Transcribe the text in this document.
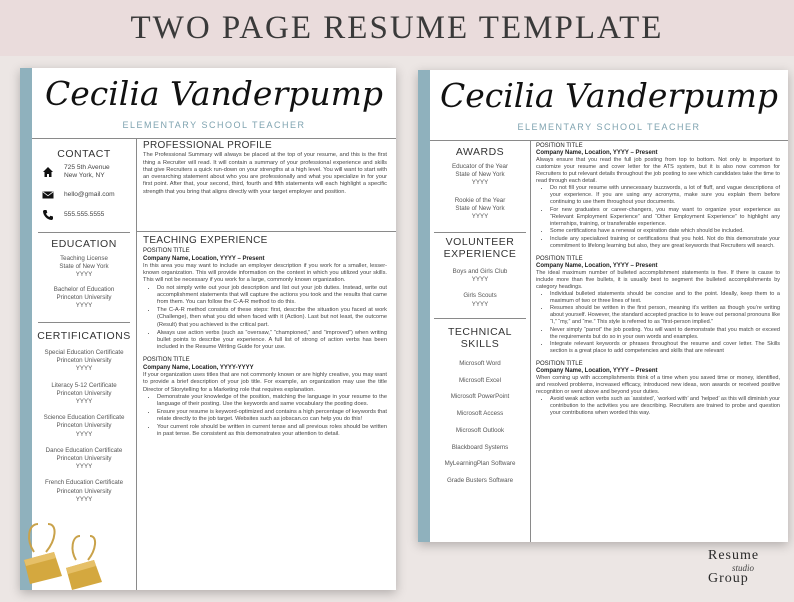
TWO PAGE RESUME TEMPLATE
Cecilia Vanderpump
ELEMENTARY SCHOOL TEACHER
CONTACT
725 5th Avenue
New York, NY
hello@gmail.com
555.555.5555
EDUCATION
Teaching License
State of New York
YYYY
Bachelor of Education
Princeton University
YYYY
CERTIFICATIONS
Special Education Certificate
Princeton University
YYYY
Literacy 5-12 Certificate
Princeton University
YYYY
Science Education Certificate
Princeton University
YYYY
Dance Education Certificate
Princeton University
YYYY
French Education Certificate
Princeton University
YYYY
PROFESSIONAL PROFILE

The Professional Summary will always be placed at the top of your resume, and this is the first thing a Recruiter will read. It will contain a summary of your professional experience and skills that give Recruiters a quick run-down on your strengths at a high level. You will want to start with an overarching statement about who you are professionally and what you specialize in for your first point. After that, your second, third, fourth and fifth statements will each highlight a specific strength that you bring that aligns directly with your target employer and position.

TEACHING EXPERIENCE
POSITION TITLE
Company Name, Location, YYYY – Present

In this area you may want to include an employer description if you work for a smaller, lesser-known organization. This will provide information on the context in which you utilized your skills. This will not be necessary if you work for a large, commonly known organization.

• Do not simply write out your job description and list out your job duties. Instead, write out accomplishment statements that will capture the actions you took and the results that came from them. You can follow the C-A-R method to do this.
• The C-A-R method consists of these steps: first, describe the situation you faced at work (Challenge), then what you did when faced with it (Action). Last but not least, the outcome (Result) that you achieved is the critical part.
• Always use action verbs (such as “oversaw,” “championed,” and “improved”) when writing bullet points to describe your experience. A full list of strong of action verbs has been included in the Resume Writing Guide for your use.
POSITION TITLE
Company Name, Location, YYYY-YYYY

If your organization uses titles that are not commonly known or are highly creative, you may want to provide a brief description of your job title. For example, an organization may use the title Director of Storytelling for a Marketing role that requires explanation.

• Demonstrate your knowledge of the position, matching the language in your resume to the language of their posting. Use the keywords and same vocabulary the posting does.
• Ensure your resume is keyword-optimized and contains a high percentage of keywords that relate directly to the job target. Websites such as jobscan.co can help you do this!
• Your current role should be written in current tense and all previous roles should be written in past tense. Be consistent as this demonstrates your attention to detail.
Cecilia Vanderpump
ELEMENTARY SCHOOL TEACHER
AWARDS
Educator of the Year
State of New York
YYYY
Rookie of the Year
State of New York
YYYY
VOLUNTEER
EXPERIENCE
Boys and Girls Club
YYYY
Girls Scouts
YYYY
TECHNICAL SKILLS
Microsoft Word
Microsoft Excel
Microsoft PowerPoint
Microsoft Access
Microsoft Outlook
Blackboard Systems
MyLearningPlan Software
Grade Busters Software
POSITION TITLE
Company Name, Location, YYYY – Present

Always ensure that you read the full job posting from top to bottom. Not only is important to customize your resume and cover letter for the ATS system, but it is also now common for Recruiters to put relevant details throughout the job posting to see which candidates take the time to read through each detail.

• Do not fill your resume with unnecessary buzzwords, a lot of fluff, and vague descriptions of your experience. If you are using any acronyms, make sure you explain them before continuing to use them throughout your documents.
• For new graduates or career-changers, you may want to organize your experience as “Relevant Employment Experience” and “Other Employment Experience” to highlight any internships, training, or transferable experience.
• Some certifications have a renewal or expiration date which should be included.
• Include any specialized training or certifications that you hold. Not do this demonstrate your commitment to lifelong learning but also, they are great keywords that Recruiters will search.
POSITION TITLE
Company Name, Location, YYYY – Present

The ideal maximum number of bulleted accomplishment statements is five. If there is cause to include more than five bullets, it is usually best to segment the bulleted accomplishments by category headings.

• Individual bulleted statements should be concise and to the point. Ideally, keep them to a maximum of two or three lines of text.
• Resumes should be written in the first person, meaning it’s written as though you’re writing about yourself. However, the standard accepted practice is to leave out personal pronouns like “I,” “my,” and “me.” This style is referred to as “first-person implied.”
• Never simply “parrot” the job posting. You will want to demonstrate that you match or exceed the requirements but do so in your own words and examples.
• Integrate relevant keywords or phrases throughout the resume and cover letter. The Skills section is a great place to add competencies and skills that are relevant
POSITION TITLE
Company Name, Location, YYYY – Present

When coming up with accomplishments think of a time when you saved time or money, identified, and resolved problems, increased efficacy, introduced new ideas, won awards or received positive recognition or went above and beyond your duties.

• Avoid weak action verbs such as ‘assisted’, ‘worked with’ and ‘helped’ as this will diminish your contribution to the activities you are describing. Recruiters are trained to probe and question your contributions when worded this way.
Resume
studio
Group
